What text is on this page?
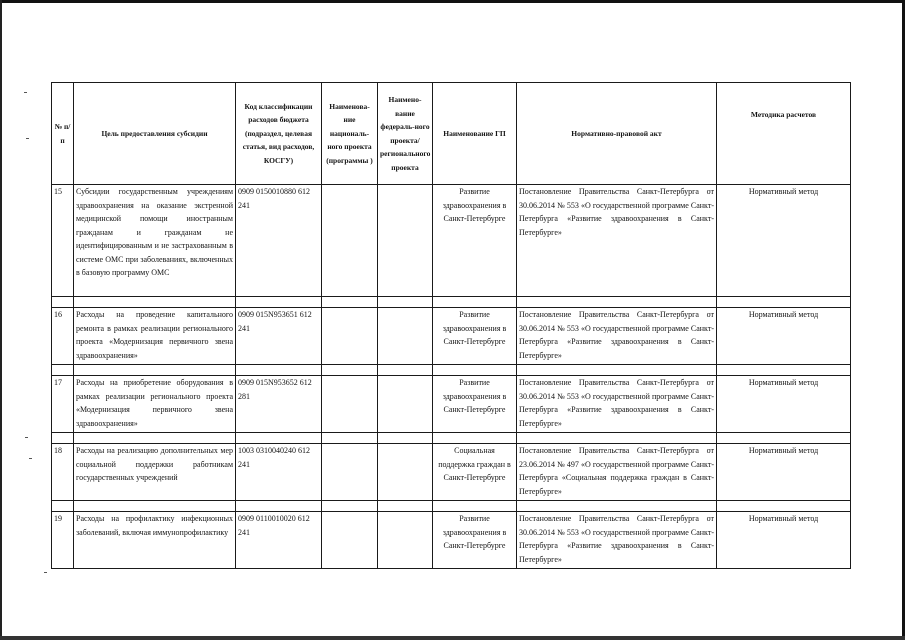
№ п/ п	Цель предоставления субсидии	Код классификации расходов бюджета (подраздел, целевая статья, вид расходов, КОСГУ)	Наименова-ние националь-ного проекта (программы )	Наимено-вание федераль-ного проекта/ регионального проекта	Наименование ГП	Нормативно-правовой акт	Методика расчетов
15	Субсидии государственным учреждениям здравоохранения на оказание экстренной медицинской помощи иностранным гражданам и гражданам не идентифицированным и не застрахованным в системе ОМС при заболеваниях, включенных в базовую программу ОМС	0909 0150010880 612 241			Развитие здравоохранения в Санкт-Петербурге	Постановление Правительства Санкт-Петербурга от 30.06.2014 № 553 «О государственной программе Санкт-Петербурга «Развитие здравоохранения в Санкт-Петербурге»	Нормативный метод

16	Расходы на проведение капитального ремонта в рамках реализации регионального проекта «Модернизация первичного звена здравоохранения»	0909 015N953651 612 241			Развитие здравоохранения в Санкт-Петербурге	Постановление Правительства Санкт-Петербурга от 30.06.2014 № 553 «О государственной программе Санкт-Петербурга «Развитие здравоохранения в Санкт-Петербурге»	Нормативный метод

17	Расходы на приобретение оборудования в рамках реализации регионального проекта «Модернизация первичного звена здравоохранения»	0909 015N953652 612 281			Развитие здравоохранения в Санкт-Петербурге	Постановление Правительства Санкт-Петербурга от 30.06.2014 № 553 «О государственной программе Санкт-Петербурга «Развитие здравоохранения в Санкт-Петербурге»	Нормативный метод

18	Расходы на реализацию дополнительных мер социальной поддержки работникам государственных учреждений	1003 0310040240 612 241			Социальная поддержка граждан в Санкт-Петербурге	Постановление Правительства Санкт-Петербурга от 23.06.2014 № 497 «О государственной программе Санкт-Петербурга «Социальная поддержка граждан в Санкт-Петербурге»	Нормативный метод

19	Расходы на профилактику инфекционных заболеваний, включая иммунопрофилактику	0909 0110010020 612 241			Развитие здравоохранения в Санкт-Петербурге	Постановление Правительства Санкт-Петербурга от 30.06.2014 № 553 «О государственной программе Санкт-Петербурга «Развитие здравоохранения в Санкт-Петербурге»	Нормативный метод
